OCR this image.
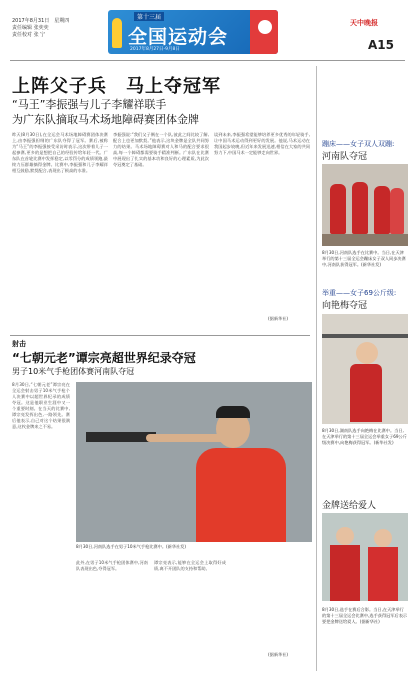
2017年8月31日　星期四
责任编辑 张奕奕
责任校对 张 宁
第十三届
全国运动会
2017年8月27日-9月8日
天中晚报
A15
上阵父子兵　马上夺冠军
“马王”李振强与儿子李耀祥联手
为广东队摘取马术场地障碍赛团体金牌
昨天(8月30日),在全运会马术场地障碍赛团体决赛上,由李振强担纲的广东队夺得了冠军。赛后,被称为“马王”的李振强接受采访时表示,这次带着儿子一起参赛,更多的是想把自己的经验传给年轻一代。广东队在首轮比赛中发挥稳定,以零罚分的成绩领跑,最终力压群雄摘得金牌。比赛中,李振强和儿子李耀祥相互鼓励,默契配合,表现出了极高的水准。
李振强说:“我们父子俩在一个队,彼此之间比较了解,配合上也更加默契。”他表示,这块金牌是全队共同努力的结果。马术场地障碍赛对人和马的配合要求很高,每一个障碍都需要骑手精准判断。广东队在比赛中展现出了扎实的基本功和良好的心理素质,为此次夺冠奠定了基础。
谈到未来,李振强希望能够培养更多优秀的年轻骑手,让中国马术运动得到更好的发展。他说,马术运动在我国起步较晚,但近年来发展迅速,相信在大家的共同努力下,中国马术一定能够走向世界。
(据新华社)
蹦床——女子双人双蹦:
河南队夺冠
8月30日,河南队选手在比赛中。当日,在天津举行的第十三届全运会蹦床女子双人同步决赛中,河南队获得冠军。(新华社发)
举重——女子69公斤级:
向艳梅夺冠
8月30日,湖南队选手向艳梅在比赛中。当日,在天津举行的第十三届全运会举重女子69公斤级决赛中,向艳梅获得冠军。(新华社发)
金牌送给爱人
8月30日,选手在赛后合影。当日,在天津举行的第十三届全运会比赛中,选手获得冠军后表示要把金牌送给爱人。(据新华社)
射击
“七朝元老”谭宗亮超世界纪录夺冠
男子10米气手枪团体赛河南队夺冠
8月30日,“七朝元老”谭宗亮在全运会射击男子10米气手枪个人决赛中以超世界纪录的成绩夺冠。这是他职业生涯中又一个重要时刻。在当天的比赛中,谭宗亮发挥出色,一路领先。赛后他表示,自己对这个结果很满意,这枚金牌来之不易。
8月30日,河南队选手在男子10米气手枪比赛中。(新华社发)
此外,在男子10米气手枪团体赛中,河南队表现出色,夺得冠军。
谭宗亮表示,能够在全运会上取得好成绩,离不开团队的支持和帮助。
(据新华社)
